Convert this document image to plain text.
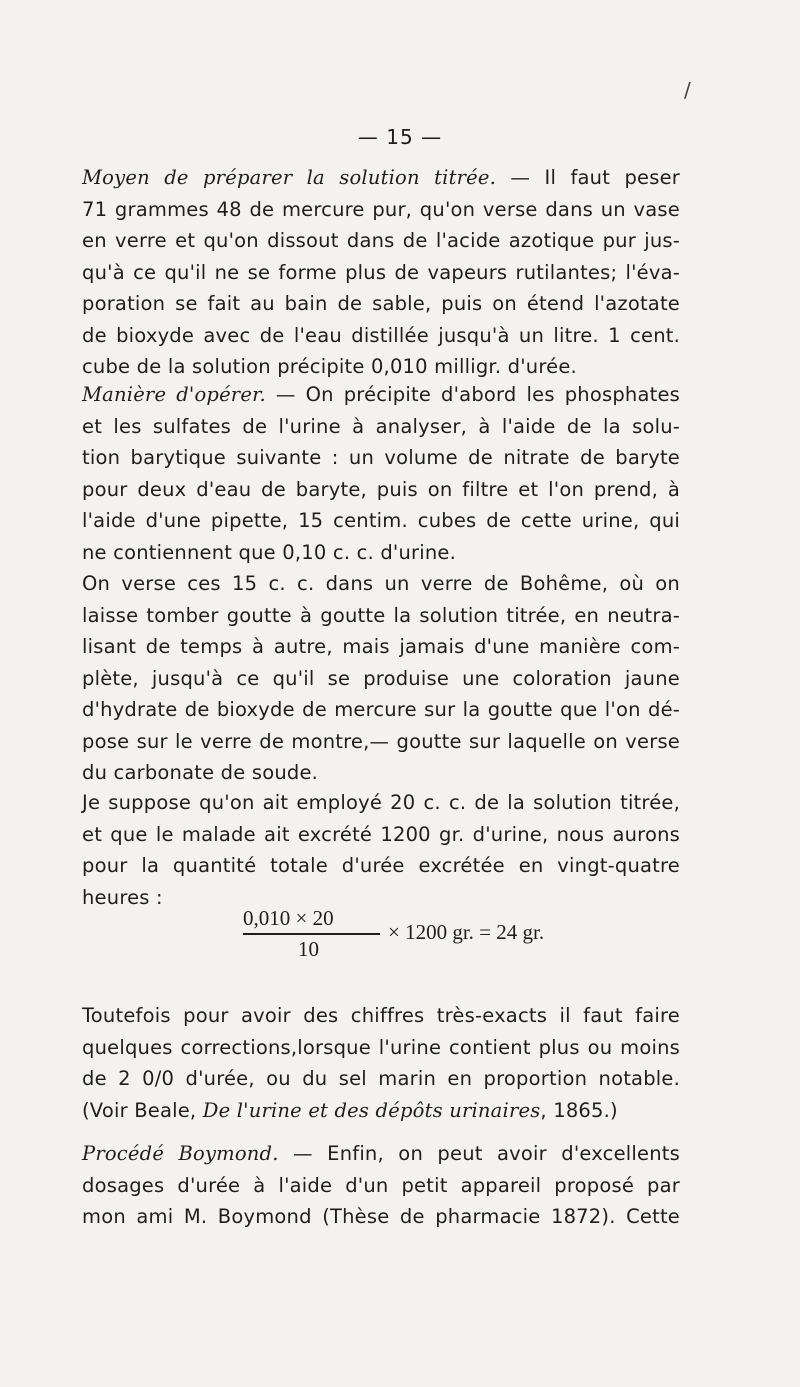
/
— 15 —
Moyen de préparer la solution titrée. — Il faut peser
71 grammes 48 de mercure pur, qu'on verse dans un vase
en verre et qu'on dissout dans de l'acide azotique pur jus-
qu'à ce qu'il ne se forme plus de vapeurs rutilantes; l'éva-
poration se fait au bain de sable, puis on étend l'azotate
de bioxyde avec de l'eau distillée jusqu'à un litre. 1 cent.
cube de la solution précipite 0,010 milligr. d'urée.
Manière d'opérer. — On précipite d'abord les phosphates
et les sulfates de l'urine à analyser, à l'aide de la solu-
tion barytique suivante : un volume de nitrate de baryte
pour deux d'eau de baryte, puis on filtre et l'on prend, à
l'aide d'une pipette, 15 centim. cubes de cette urine, qui
ne contiennent que 0,10 c. c. d'urine.
On verse ces 15 c. c. dans un verre de Bohême, où on
laisse tomber goutte à goutte la solution titrée, en neutra-
lisant de temps à autre, mais jamais d'une manière com-
plète, jusqu'à ce qu'il se produise une coloration jaune
d'hydrate de bioxyde de mercure sur la goutte que l'on dé-
pose sur le verre de montre,— goutte sur laquelle on verse
du carbonate de soude.
Je suppose qu'on ait employé 20 c. c. de la solution titrée,
et que le malade ait excrété 1200 gr. d'urine, nous aurons
pour la quantité totale d'urée excrétée en vingt-quatre
heures :
0,010 × 20
10
× 1200 gr. = 24 gr.
Toutefois pour avoir des chiffres très-exacts il faut faire
quelques corrections,lorsque l'urine contient plus ou moins
de 2 0/0 d'urée, ou du sel marin en proportion notable.
(Voir Beale, De l'urine et des dépôts urinaires, 1865.)
Procédé Boymond. — Enfin, on peut avoir d'excellents
dosages d'urée à l'aide d'un petit appareil proposé par
mon ami M. Boymond (Thèse de pharmacie 1872). Cette
